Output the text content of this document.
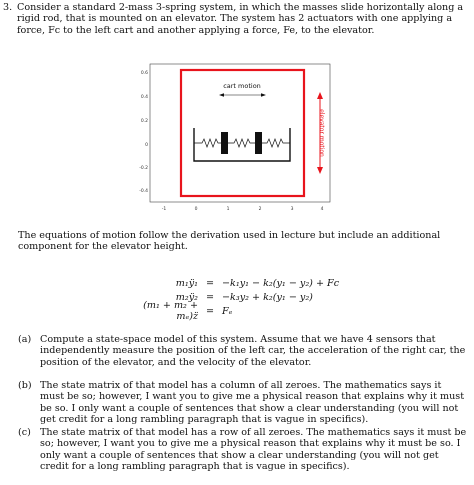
3. Consider a standard 2-mass 3-spring system, in which the masses slide horizontally along a rigid rod, that is mounted on an elevator. The system has 2 actuators with one applying a force, Fc to the left cart and another applying a force, Fe, to the elevator.
0.6
0.4
0.2
0
-0.2
-0.4
-1	0	1	2	3	4
elevator motion
cart motion
The equations of motion follow the derivation used in lecture but include an additional component for the elevator height.
m₁ÿ₁ = −k₁y₁ − k₂(y₁ − y₂) + Fc
m₂ÿ₂ = −k₃y₂ + k₂(y₁ − y₂)
(m₁ + m₂ + mₑ)z̈ = Fₑ
(a) Compute a state-space model of this system. Assume that we have 4 sensors that independently measure the position of the left car, the acceleration of the right car, the position of the elevator, and the velocity of the elevator.
(b) The state matrix of that model has a column of all zeroes. The mathematics says it must be so; however, I want you to give me a physical reason that explains why it must be so. I only want a couple of sentences that show a clear understanding (you will not get credit for a long rambling paragraph that is vague in specifics).
(c) The state matrix of that model has a row of all zeroes. The mathematics says it must be so; however, I want you to give me a physical reason that explains why it must be so. I only want a couple of sentences that show a clear understanding (you will not get credit for a long rambling paragraph that is vague in specifics).
